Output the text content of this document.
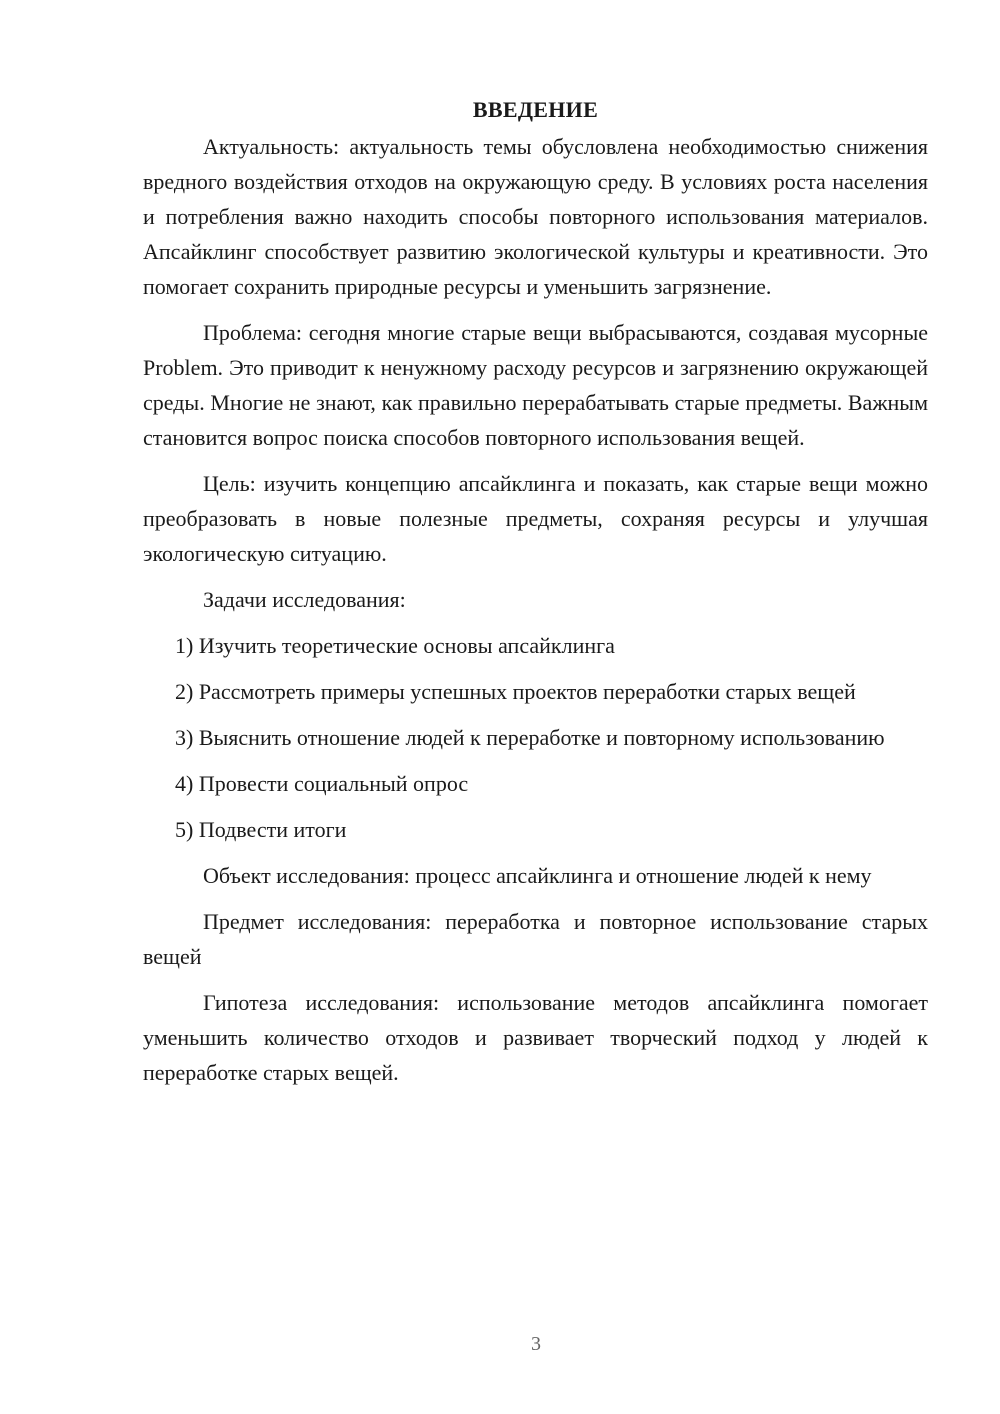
ВВЕДЕНИЕ

Актуальность: актуальность темы обусловлена необходимостью снижения вредного воздействия отходов на окружающую среду. В условиях роста населения и потребления важно находить способы повторного использования материалов. Апсайклинг способствует развитию экологической культуры и креативности. Это помогает сохранить природные ресурсы и уменьшить загрязнение.

Проблема: сегодня многие старые вещи выбрасываются, создавая мусорные Problem. Это приводит к ненужному расходу ресурсов и загрязнению окружающей среды. Многие не знают, как правильно перерабатывать старые предметы. Важным становится вопрос поиска способов повторного использования вещей.

Цель: изучить концепцию апсайклинга и показать, как старые вещи можно преобразовать в новые полезные предметы, сохраняя ресурсы и улучшая экологическую ситуацию.

Задачи исследования:

1) Изучить теоретические основы апсайклинга

2) Рассмотреть примеры успешных проектов переработки старых вещей

3) Выяснить отношение людей к переработке и повторному использованию

4) Провести социальный опрос

5) Подвести итоги

Объект исследования: процесс апсайклинга и отношение людей к нему

Предмет исследования: переработка и повторное использование старых вещей

Гипотеза исследования: использование методов апсайклинга помогает уменьшить количество отходов и развивает творческий подход у людей к переработке старых вещей.

3
